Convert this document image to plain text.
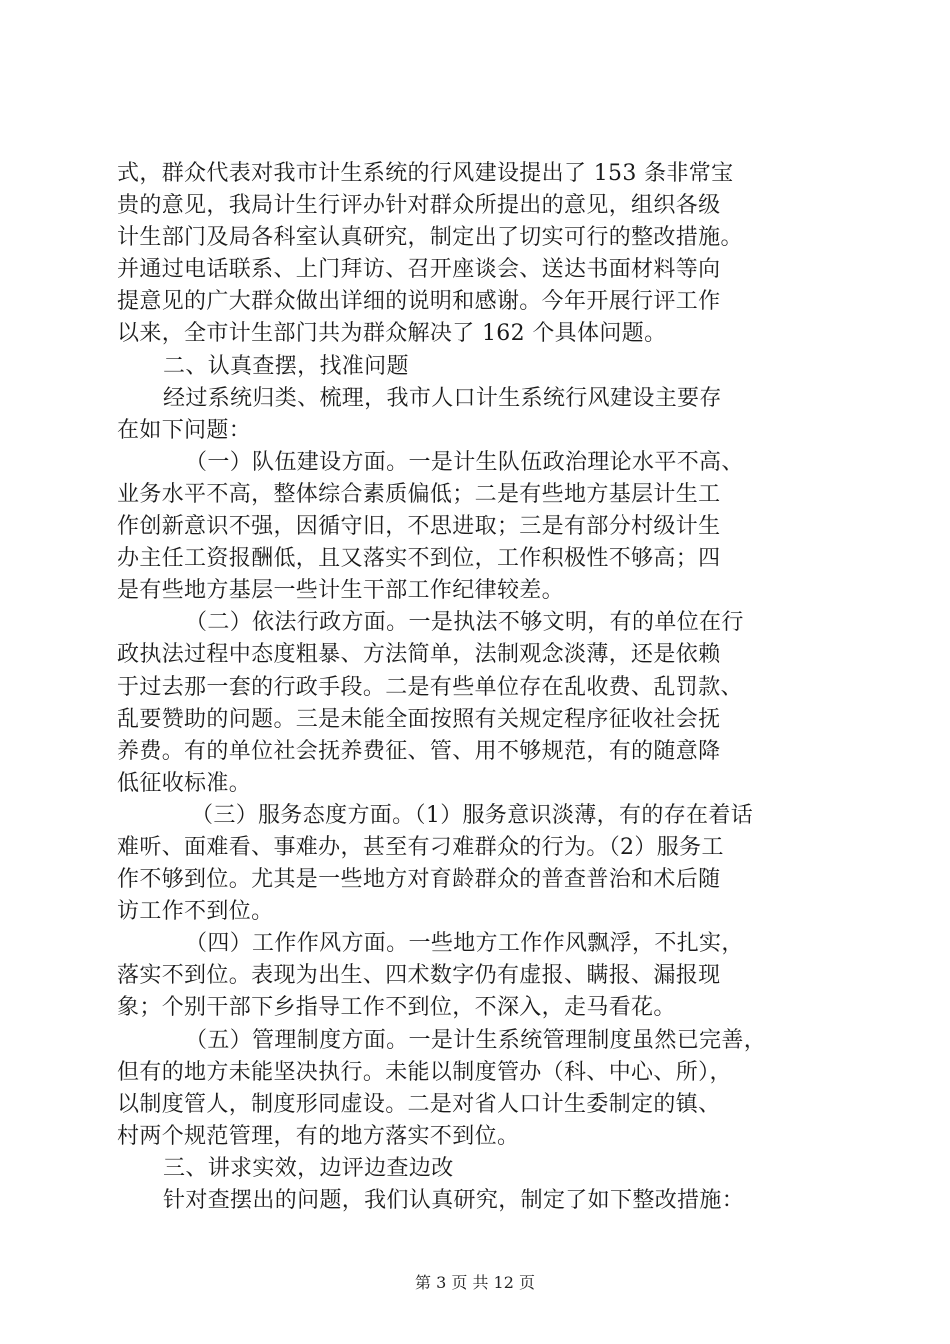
式，群众代表对我市计生系统的行风建设提出了 153 条非常宝
贵的意见，我局计生行评办针对群众所提出的意见，组织各级
计生部门及局各科室认真研究，制定出了切实可行的整改措施。
并通过电话联系、上门拜访、召开座谈会、送达书面材料等向
提意见的广大群众做出详细的说明和感谢。今年开展行评工作
以来，全市计生部门共为群众解决了 162 个具体问题。
二、认真查摆，找准问题
经过系统归类、梳理，我市人口计生系统行风建设主要存
在如下问题：
（一）队伍建设方面。一是计生队伍政治理论水平不高、
业务水平不高，整体综合素质偏低；二是有些地方基层计生工
作创新意识不强，因循守旧，不思进取；三是有部分村级计生
办主任工资报酬低，且又落实不到位，工作积极性不够高；四
是有些地方基层一些计生干部工作纪律较差。
（二）依法行政方面。一是执法不够文明，有的单位在行
政执法过程中态度粗暴、方法简单，法制观念淡薄，还是依赖
于过去那一套的行政手段。二是有些单位存在乱收费、乱罚款、
乱要赞助的问题。三是未能全面按照有关规定程序征收社会抚
养费。有的单位社会抚养费征、管、用不够规范，有的随意降
低征收标准。
（三）服务态度方面。（1）服务意识淡薄，有的存在着话
难听、面难看、事难办，甚至有刁难群众的行为。（2）服务工
作不够到位。尤其是一些地方对育龄群众的普查普治和术后随
访工作不到位。
（四）工作作风方面。一些地方工作作风飘浮，不扎实，
落实不到位。表现为出生、四术数字仍有虚报、瞒报、漏报现
象；个别干部下乡指导工作不到位，不深入，走马看花。
（五）管理制度方面。一是计生系统管理制度虽然已完善，
但有的地方未能坚决执行。未能以制度管办（科、中心、所），
以制度管人，制度形同虚设。二是对省人口计生委制定的镇、
村两个规范管理，有的地方落实不到位。
三、讲求实效，边评边查边改
针对查摆出的问题，我们认真研究，制定了如下整改措施：
第 3 页 共 12 页
